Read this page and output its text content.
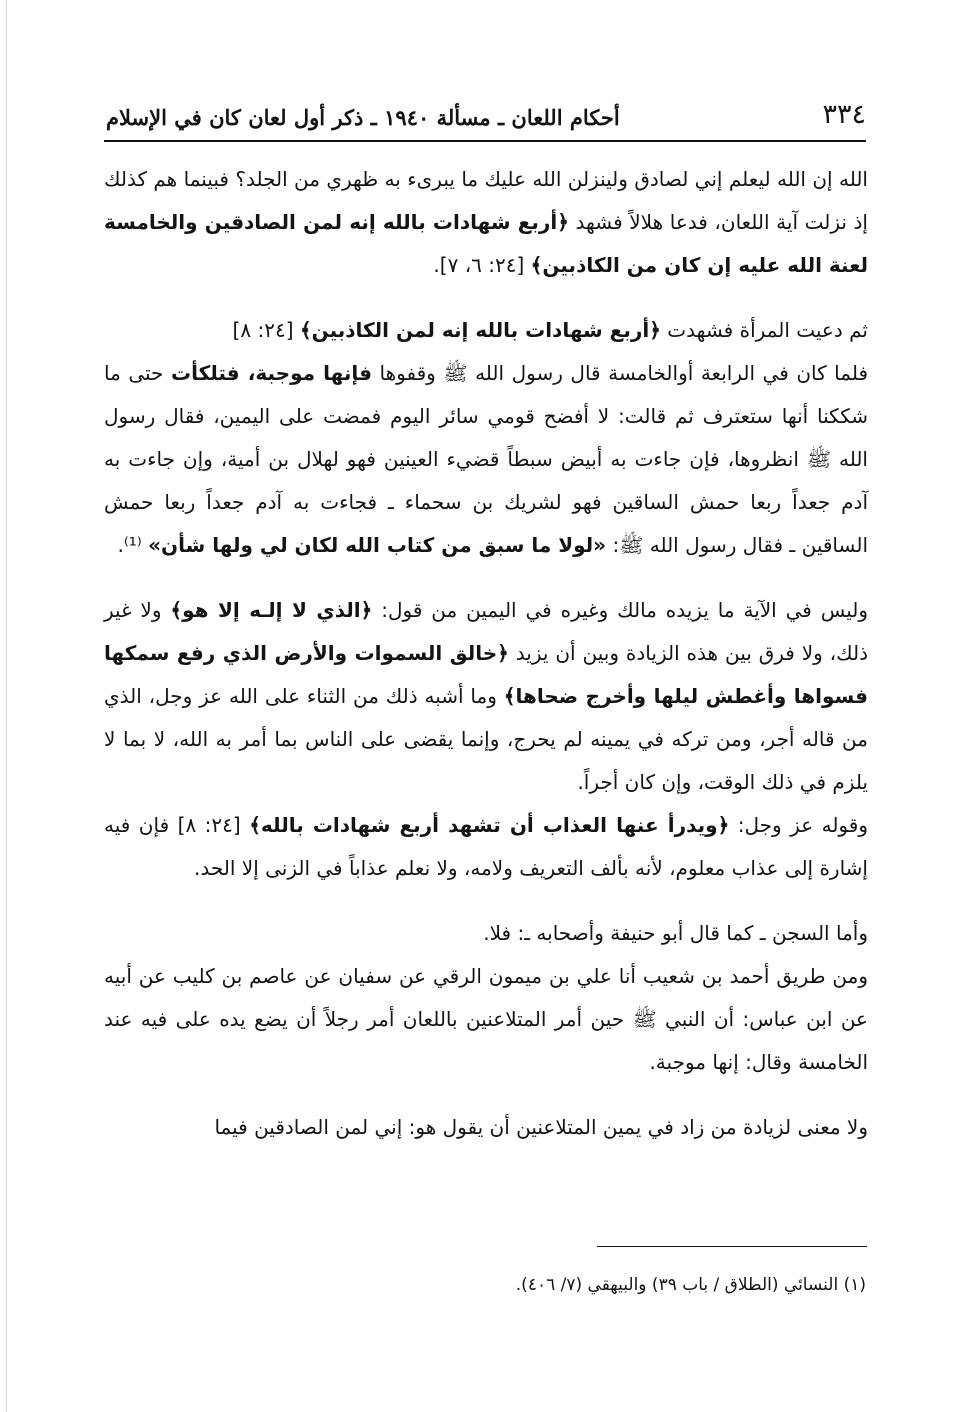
٣٣٤
أحكام اللعان ـ مسألة ١٩٤٠ ـ ذكر أول لعان كان في الإسلام

الله إن الله ليعلم إني لصادق ولينزلن الله عليك ما يبرىء به ظهري من الجلد؟ فبينما هم كذلك إذ نزلت آية اللعان، فدعا هلالاً فشهد ﴿أربع شهادات بالله إنه لمن الصادقين والخامسة لعنة الله عليه إن كان من الكاذبين﴾ [٢٤: ٦، ٧].

ثم دعيت المرأة فشهدت ﴿أربع شهادات بالله إنه لمن الكاذبين﴾ [٢٤: ٨]

فلما كان في الرابعة أوالخامسة قال رسول الله ﷺ وقفوها فإنها موجبة، فتلكأت حتى ما شككنا أنها ستعترف ثم قالت: لا أفضح قومي سائر اليوم فمضت على اليمين، فقال رسول الله ﷺ انظروها، فإن جاءت به أبيض سبطاً قضيء العينين فهو لهلال بن أمية، وإن جاءت به آدم جعداً ربعا حمش الساقين فهو لشريك بن سحماء ـ فجاءت به آدم جعداً ربعا حمش الساقين ـ فقال رسول الله ﷺ: «لولا ما سبق من كتاب الله لكان لي ولها شأن» ⁽¹⁾.

وليس في الآية ما يزيده مالك وغيره في اليمين من قول: ﴿الذي لا إلـه إلا هو﴾ ولا غير ذلك، ولا فرق بين هذه الزيادة وبين أن يزيد ﴿خالق السموات والأرض الذي رفع سمكها فسواها وأغطش ليلها وأخرج ضحاها﴾ وما أشبه ذلك من الثناء على الله عز وجل، الذي من قاله أجر، ومن تركه في يمينه لم يحرج، وإنما يقضى على الناس بما أمر به الله، لا بما لا يلزم في ذلك الوقت، وإن كان أجراً.

وقوله عز وجل: ﴿ويدرأ عنها العذاب أن تشهد أربع شهادات بالله﴾ [٢٤: ٨] فإن فيه إشارة إلى عذاب معلوم، لأنه بألف التعريف ولامه، ولا نعلم عذاباً في الزنى إلا الحد.

وأما السجن ـ كما قال أبو حنيفة وأصحابه ـ: فلا.

ومن طريق أحمد بن شعيب أنا علي بن ميمون الرقي عن سفيان عن عاصم بن كليب عن أبيه عن ابن عباس: أن النبي ﷺ حين أمر المتلاعنين باللعان أمر رجلاً أن يضع يده على فيه عند الخامسة وقال: إنها موجبة.

ولا معنى لزيادة من زاد في يمين المتلاعنين أن يقول هو: إني لمن الصادقين فيما

(١) النسائي (الطلاق / باب ٣٩) والبيهقي (٧/ ٤٠٦).
